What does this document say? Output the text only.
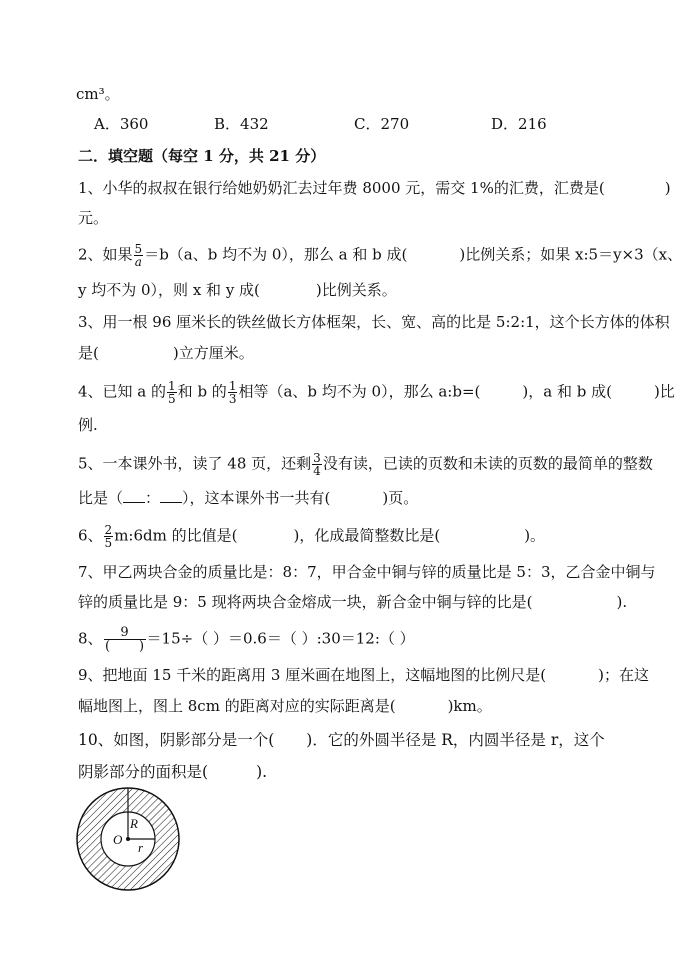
cm³。
A．360	B．432	C．270	D．216
二．填空题（每空 1 分，共 21 分）
1、小华的叔叔在银行给她奶奶汇去过年费 8000 元，需交 1%的汇费，汇费是(	)
元。
2、如果 $\frac{5}{a} =b(a$、b 均不为 0），那么 a 和 b 成(	)比例关系；如果 x:5＝y×3（x、
y 均不为 0），则 x 和 y 成(	)比例关系。
3、用一根 96 厘米长的铁丝做长方体框架，长、宽、高的比是 5:2:1，这个长方体的体积
是(	)立方厘米。
4、已知 a 的 $\frac{1}{5}$ 和 b 的 $\frac{1}{3}$ 相等（a、b 均不为 0），那么 a:b=(	)，a 和 b 成(	)比
例.
5、一本课外书，读了 48 页，还剩 $\frac{3}{4}$ 没有读，已读的页数和未读的页数的最简单的整数
比是（ ： ），这本课外书一共有(	)页。
6、 $\frac{2}{5}$ m:6dm 的比值是(	)，化成最简整数比是(	)。
7、甲乙两块合金的质量比是：8：7，甲合金中铜与锌的质量比是 5：3，乙合金中铜与
锌的质量比是 9：5 现将两块合金熔成一块，新合金中铜与锌的比是(	).
8、 $\frac{9}{( )} =15\div$（ ）＝0.6＝（ ）:30＝12:（ ）
9、把地面 15 千米的距离用 3 厘米画在地图上，这幅地图的比例尺是(	)；在这
幅地图上，图上 8cm 的距离对应的实际距离是(	)km。
10、如图，阴影部分是一个( )．它的外圆半径是 R，内圆半径是 r，这个
阴影部分的面积是(	).
R
O
r
